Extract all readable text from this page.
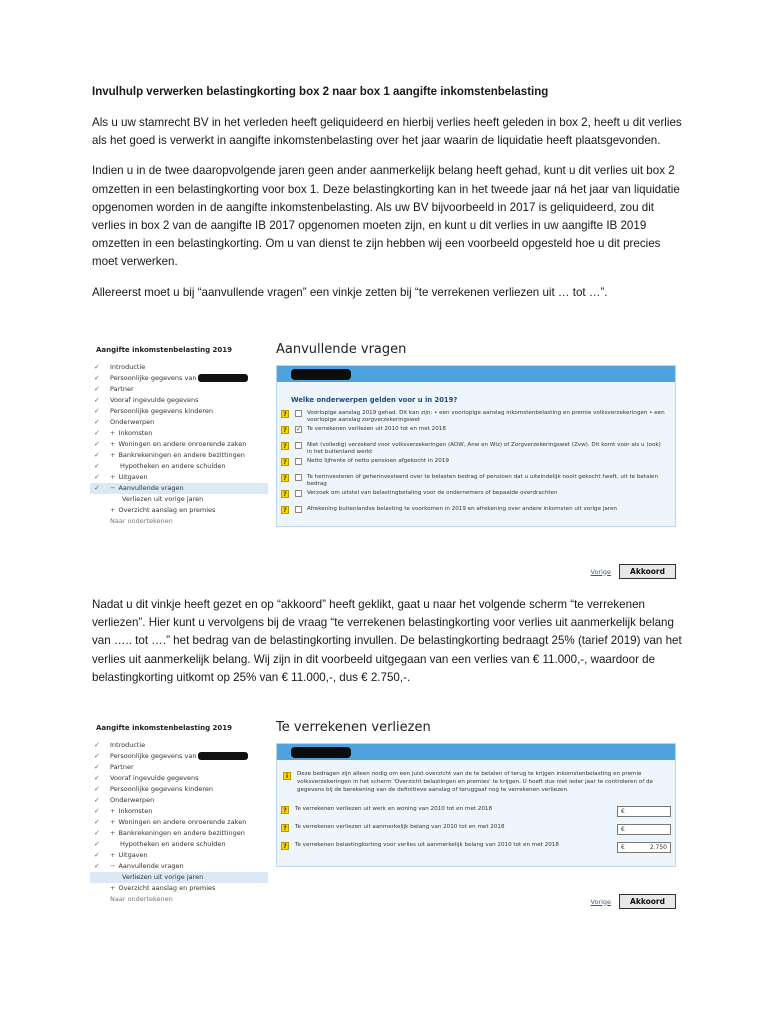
Invulhulp verwerken belastingkorting box 2 naar box 1 aangifte inkomstenbelasting

Als u uw stamrecht BV in het verleden heeft geliquideerd en hierbij verlies heeft geleden in box 2, heeft u dit verlies als het goed is verwerkt in aangifte inkomstenbelasting over het jaar waarin de liquidatie heeft plaatsgevonden.

Indien u in de twee daaropvolgende jaren geen ander aanmerkelijk belang heeft gehad, kunt u dit verlies uit box 2 omzetten in een belastingkorting voor box 1. Deze belastingkorting kan in het tweede jaar ná het jaar van liquidatie opgenomen worden in de aangifte inkomstenbelasting. Als uw BV bijvoorbeeld in 2017 is geliquideerd, zou dit verlies in box 2 van de aangifte IB 2017 opgenomen moeten zijn, en kunt u dit verlies in uw aangifte IB 2019 omzetten in een belastingkorting. Om u van dienst te zijn hebben wij een voorbeeld opgesteld hoe u dit precies moet verwerken.

Allereerst moet u bij “aanvullende vragen” een vinkje zetten bij “te verrekenen verliezen uit … tot …”.

Aangifte inkomstenbelasting 2019
✓ Introductie
✓ Persoonlijke gegevens van
✓ Partner
✓ Vooraf ingevulde gegevens
✓ Persoonlijke gegevens kinderen
✓ Onderwerpen
✓ + Inkomsten
✓ + Woningen en andere onroerende zaken
✓ + Bankrekeningen en andere bezittingen
✓	Hypotheken en andere schulden
✓ + Uitgaven
✓ − Aanvullende vragen
Verliezen uit vorige jaren
+ Overzicht aanslag en premies
Naar ondertekenen
Aanvullende vragen
Welke onderwerpen gelden voor u in 2019?
?	Voorlopige aanslag 2019 gehad. Dit kan zijn: • een voorlopige aanslag inkomstenbelasting en premie volksverzekeringen • een voorlopige aanslag zorgverzekeringswet
?	✓ Te verrekenen verliezen uit 2010 tot en met 2018
?	Niet (volledig) verzekerd voor volksverzekeringen (AOW, Anw en Wlz) of Zorgverzekeringswet (Zvw). Dit komt voor als u (ook) in het buitenland werkt
?	Netto lijfrente of netto pensioen afgekocht in 2019
?	Te herinvesteren of geherinvesteerd over te belasten bedrag of pensioen dat u uiteindelijk nooit gekocht heeft, uit te betalen bedrag
?	Verzoek om uitstel van belastingbetaling voor de ondernemers of bepaalde overdrachten
?	Afrekening buitenlandse belasting te voorkomen in 2019 en afrekening over andere inkomsten uit vorige jaren
Vorige	Akkoord

Nadat u dit vinkje heeft gezet en op “akkoord” heeft geklikt, gaat u naar het volgende scherm “te verrekenen verliezen”. Hier kunt u vervolgens bij de vraag “te verrekenen belastingkorting voor verlies uit aanmerkelijk belang van ….. tot ….” het bedrag van de belastingkorting invullen. De belastingkorting bedraagt 25% (tarief 2019) van het verlies uit aanmerkelijk belang. Wij zijn in dit voorbeeld uitgegaan van een verlies van € 11.000,-, waardoor de belastingkorting uitkomt op 25% van € 11.000,-, dus € 2.750,-.

Aangifte inkomstenbelasting 2019
✓ Introductie
✓ Persoonlijke gegevens van
✓ Partner
✓ Vooraf ingevulde gegevens
✓ Persoonlijke gegevens kinderen
✓ Onderwerpen
✓ + Inkomsten
✓ + Woningen en andere onroerende zaken
✓ + Bankrekeningen en andere bezittingen
✓	Hypotheken en andere schulden
✓ + Uitgaven
✓ − Aanvullende vragen
Verliezen uit vorige jaren
+ Overzicht aanslag en premies
Naar ondertekenen
Te verrekenen verliezen
i	Deze bedragen zijn alleen nodig om een juist overzicht van de te betalen of terug te krijgen inkomstenbelasting en premie volksverzekeringen in het scherm 'Overzicht belastingen en premies' te krijgen. U hoeft dus niet ieder jaar te controleren of de gegevens bij de berekening van de definitieve aanslag of teruggaaf nog te verrekenen verliezen.
?	Te verrekenen verliezen uit werk en woning van 2010 tot en met 2018	€
?	Te verrekenen verliezen uit aanmerkelijk belang van 2010 tot en met 2018	€
?	Te verrekenen belastingkorting voor verlies uit aanmerkelijk belang van 2010 tot en met 2018	€	2.750
Vorige	Akkoord
